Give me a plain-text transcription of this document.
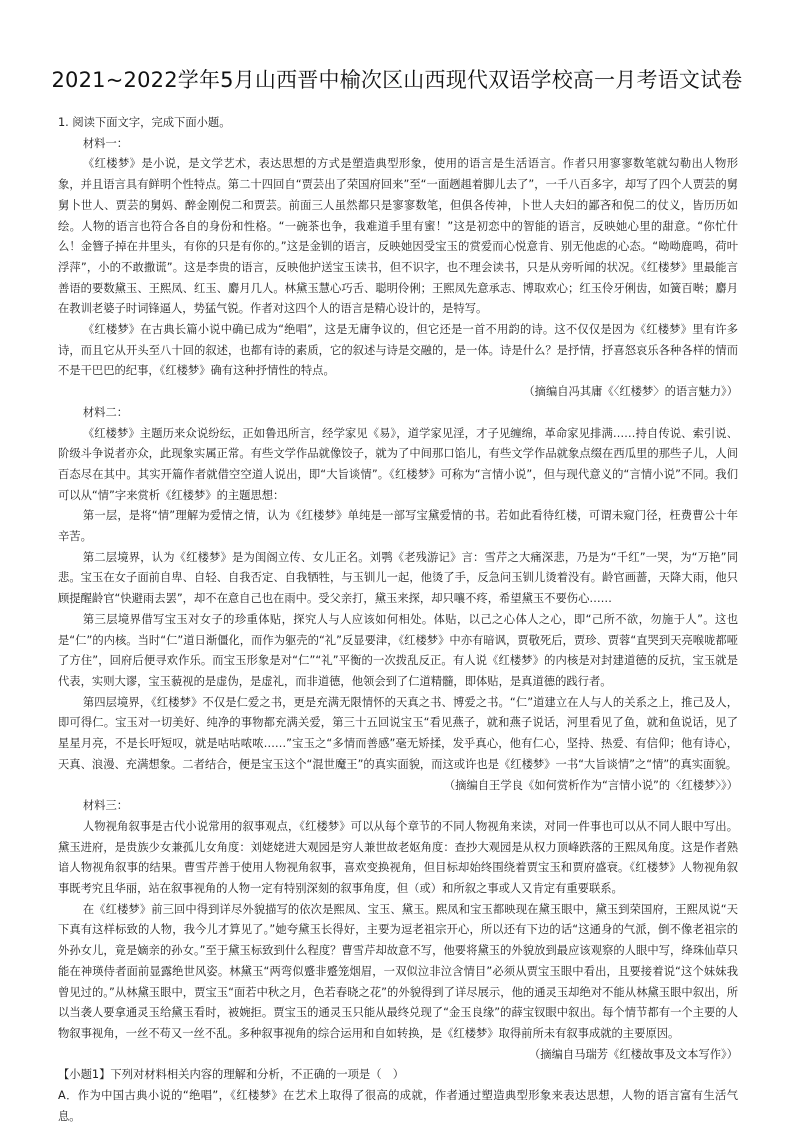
2021~2022学年5月山西晋中榆次区山西现代双语学校高一月考语文试卷

1. 阅读下面文字，完成下面小题。

材料一：

《红楼梦》是小说，是文学艺术，表达思想的方式是塑造典型形象，使用的语言是生活语言。作者只用寥寥数笔就勾勒出人物形象，并且语言具有鲜明个性特点。第二十四回自“贾芸出了荣国府回来”至“一面趔趄着脚儿去了”，一千八百多字，却写了四个人贾芸的舅舅卜世人、贾芸的舅妈、醉金刚倪二和贾芸。前面三人虽然都只是寥寥数笔，但俱各传神，卜世人夫妇的鄙吝和倪二的仗义，皆历历如绘。人物的语言也符合各自的身份和性格。“一碗茶也争，我难道手里有蜜！”这是初恋中的智能的语言，反映她心里的甜意。“你忙什么！金簪子掉在井里头，有你的只是有你的。”这是金钏的语言，反映她因受宝玉的赏爱而心悦意肯、别无他虑的心态。“呦呦鹿鸣，荷叶浮萍”，小的不敢撒谎”。这是李贵的语言，反映他护送宝玉读书，但不识字，也不理会读书，只是从旁听闻的状况。《红楼梦》里最能言善语的要数黛玉、王熙凤、红玉、麝月几人。林黛玉慧心巧舌、聪明伶俐；王熙凤先意承志、博取欢心；红玉伶牙俐齿，如簧百啭；麝月在教训老婆子时词锋逼人，势猛气锐。作者对这四个人的语言是精心设计的，是特写。

《红楼梦》在古典长篇小说中确已成为“绝唱”，这是无庸争议的，但它还是一首不用韵的诗。这不仅仅是因为《红楼梦》里有许多诗，而且它从开头至八十回的叙述，也都有诗的素质，它的叙述与诗是交融的，是一体。诗是什么？是抒情，抒喜怒哀乐各种各样的情而不是干巴巴的纪事，《红楼梦》确有这种抒情性的特点。

（摘编自冯其庸《〈红楼梦〉的语言魅力》）

材料二：

《红楼梦》主题历来众说纷纭，正如鲁迅所言，经学家见《易》，道学家见淫，才子见缠绵，革命家见排满……持自传说、索引说、阶级斗争说者亦众，此现象实属正常。有些文学作品就像饺子，就为了中间那口馅儿，有些文学作品就象点缀在西瓜里的那些子儿，人间百态尽在其中。其实开篇作者就借空空道人说出，即“大旨谈情”。《红楼梦》可称为“言情小说”，但与现代意义的“言情小说”不同。我们可以从“情”字来赏析《红楼梦》的主题思想：

第一层，是将“情”理解为爱情之情，认为《红楼梦》单纯是一部写宝黛爱情的书。若如此看待红楼，可谓未窥门径，枉费曹公十年辛苦。

第二层境界，认为《红楼梦》是为闺阁立传、女儿正名。刘鹗《老残游记》言：雪芹之大痛深悲，乃是为“千红”一哭，为“万艳”同悲。宝玉在女子面前自卑、自轻、自我否定、自我牺牲，与玉钏儿一起，他烫了手，反急问玉钏儿烫着没有。龄官画蔷，天降大雨，他只顾提醒龄官“快避雨去罢”，却不在意自己也在雨中。受父亲打，黛玉来探，却只嚷不疼，希望黛玉不要伤心……

第三层境界借写宝玉对女子的珍重体贴，探究人与人应该如何相处。体贴，以己之心体人之心，即“己所不欲，勿施于人”。这也是“仁”的内核。当时“仁”道日渐僵化，而作为躯壳的“礼”反显要津，《红楼梦》中亦有暗讽，贾敬死后，贾珍、贾蓉“直哭到天亮喉咙都哑了方住”，回府后便寻欢作乐。而宝玉形象是对“仁”“礼”平衡的一次拨乱反正。有人说《红楼梦》的内核是对封建道德的反抗，宝玉就是代表，实则大谬，宝玉藐视的是虚伪，是虚礼，而非道德，他领会到了仁道精髓，即体贴，是真道德的践行者。

第四层境界，《红楼梦》不仅是仁爱之书，更是充满无限情怀的天真之书、博爱之书。“仁”道建立在人与人的关系之上，推己及人，即可得仁。宝玉对一切美好、纯净的事物都充满关爱，第三十五回说宝玉“看见燕子，就和燕子说话，河里看见了鱼，就和鱼说话，见了星星月亮，不是长吁短叹，就是咕咕哝哝……”宝玉之“多情而善感”毫无矫揉，发乎真心，他有仁心，坚持、热爱、有信仰；他有诗心，天真、浪漫、充满想象。二者结合，便是宝玉这个“混世魔王”的真实面貌，而这或许也是《红楼梦》一书“大旨谈情”之“情”的真实面貌。

（摘编自王学良《如何赏析作为“言情小说”的〈红楼梦〉》）

材料三：

人物视角叙事是古代小说常用的叙事观点，《红楼梦》可以从每个章节的不同人物视角来读，对同一件事也可以从不同人眼中写出。黛玉进府，是贵族少女兼孤儿女角度：刘姥姥进大观园是穷人兼世故老妪角度：查抄大观园是从权力顶峰跌落的王熙凤角度。这是作者熟谙人物视角叙事的结果。曹雪芹善于使用人物视角叙事，喜欢变换视角，但目标却始终围绕着贾宝玉和贾府盛衰。《红楼梦》人物视角叙事既考究且华丽，站在叙事视角的人物一定有特别深刻的叙事角度，但（或）和所叙之事或人又肯定有重要联系。

在《红楼梦》前三回中得到详尽外貌描写的依次是熙凤、宝玉、黛玉。熙凤和宝玉都映现在黛玉眼中，黛玉到荣国府，王熙凤说“天下真有这样标致的人物，我今儿才算见了。”她夸黛玉长得好，主要为逗老祖宗开心，所以还有下边的话“这通身的气派，倒不像老祖宗的外孙女儿，竟是嫡亲的孙女。”至于黛玉标致到什么程度？曹雪芹却故意不写，他要将黛玉的外貌放到最应该观察的人眼中写，绛珠仙草只能在神瑛侍者面前显露绝世风姿。林黛玉“两弯似蹙非蹙笼烟眉，一双似泣非泣含情目”必须从贾宝玉眼中看出，且要接着说“这个妹妹我曾见过的。”从林黛玉眼中，贾宝玉“面若中秋之月，色若春晓之花”的外貌得到了详尽展示，他的通灵玉却绝对不能从林黛玉眼中叙出，所以当袭人要拿通灵玉给黛玉看时，被婉拒。贾宝玉的通灵玉只能从最终兑现了“金玉良缘”的薛宝钗眼中叙出。每个情节都有一个主要的人物叙事视角，一丝不苟又一丝不乱。多种叙事视角的综合运用和自如转换，是《红楼梦》取得前所未有叙事成就的主要原因。

（摘编自马瑞芳《红楼故事及文本写作》）

【小题1】下列对材料相关内容的理解和分析，不正确的一项是（　）

A．作为中国古典小说的“绝唱”，《红楼梦》在艺术上取得了很高的成就，作者通过塑造典型形象来表达思想，人物的语言富有生活气息。
